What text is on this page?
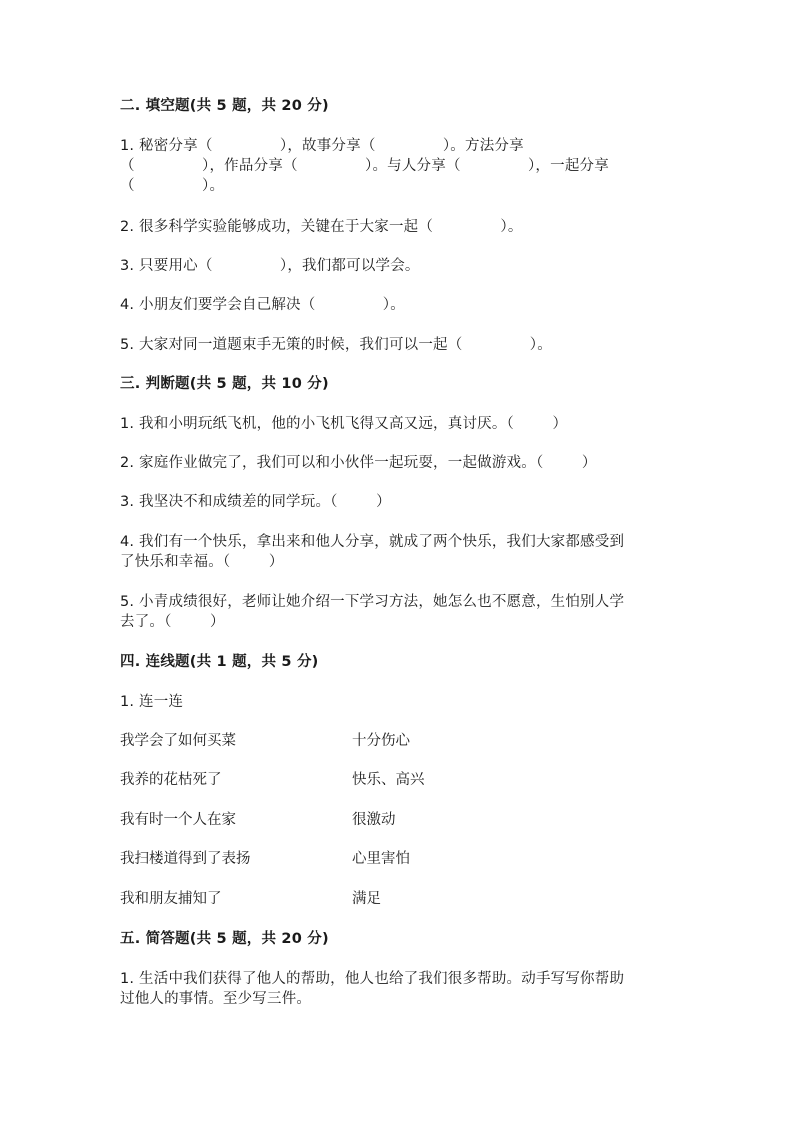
二. 填空题(共 5 题，共 20 分)
1. 秘密分享（              ），故事分享（              ）。方法分享
（              ），作品分享（              ）。与人分享（              ），一起分享
（              ）。
2. 很多科学实验能够成功，关键在于大家一起（              ）。
3. 只要用心（              ），我们都可以学会。
4. 小朋友们要学会自己解决（              ）。
5. 大家对同一道题束手无策的时候，我们可以一起（              ）。
三. 判断题(共 5 题，共 10 分)
1. 我和小明玩纸飞机，他的小飞机飞得又高又远，真讨厌。（        ）
2. 家庭作业做完了，我们可以和小伙伴一起玩耍，一起做游戏。（        ）
3. 我坚决不和成绩差的同学玩。（        ）
4. 我们有一个快乐，拿出来和他人分享，就成了两个快乐，我们大家都感受到
了快乐和幸福。（        ）
5. 小青成绩很好，老师让她介绍一下学习方法，她怎么也不愿意，生怕别人学
去了。（        ）
四. 连线题(共 1 题，共 5 分)
1. 连一连
我学会了如何买菜	十分伤心
我养的花枯死了	快乐、高兴
我有时一个人在家	很激动
我扫楼道得到了表扬	心里害怕
我和朋友捕知了	满足
五. 简答题(共 5 题，共 20 分)
1. 生活中我们获得了他人的帮助，他人也给了我们很多帮助。动手写写你帮助
过他人的事情。至少写三件。
